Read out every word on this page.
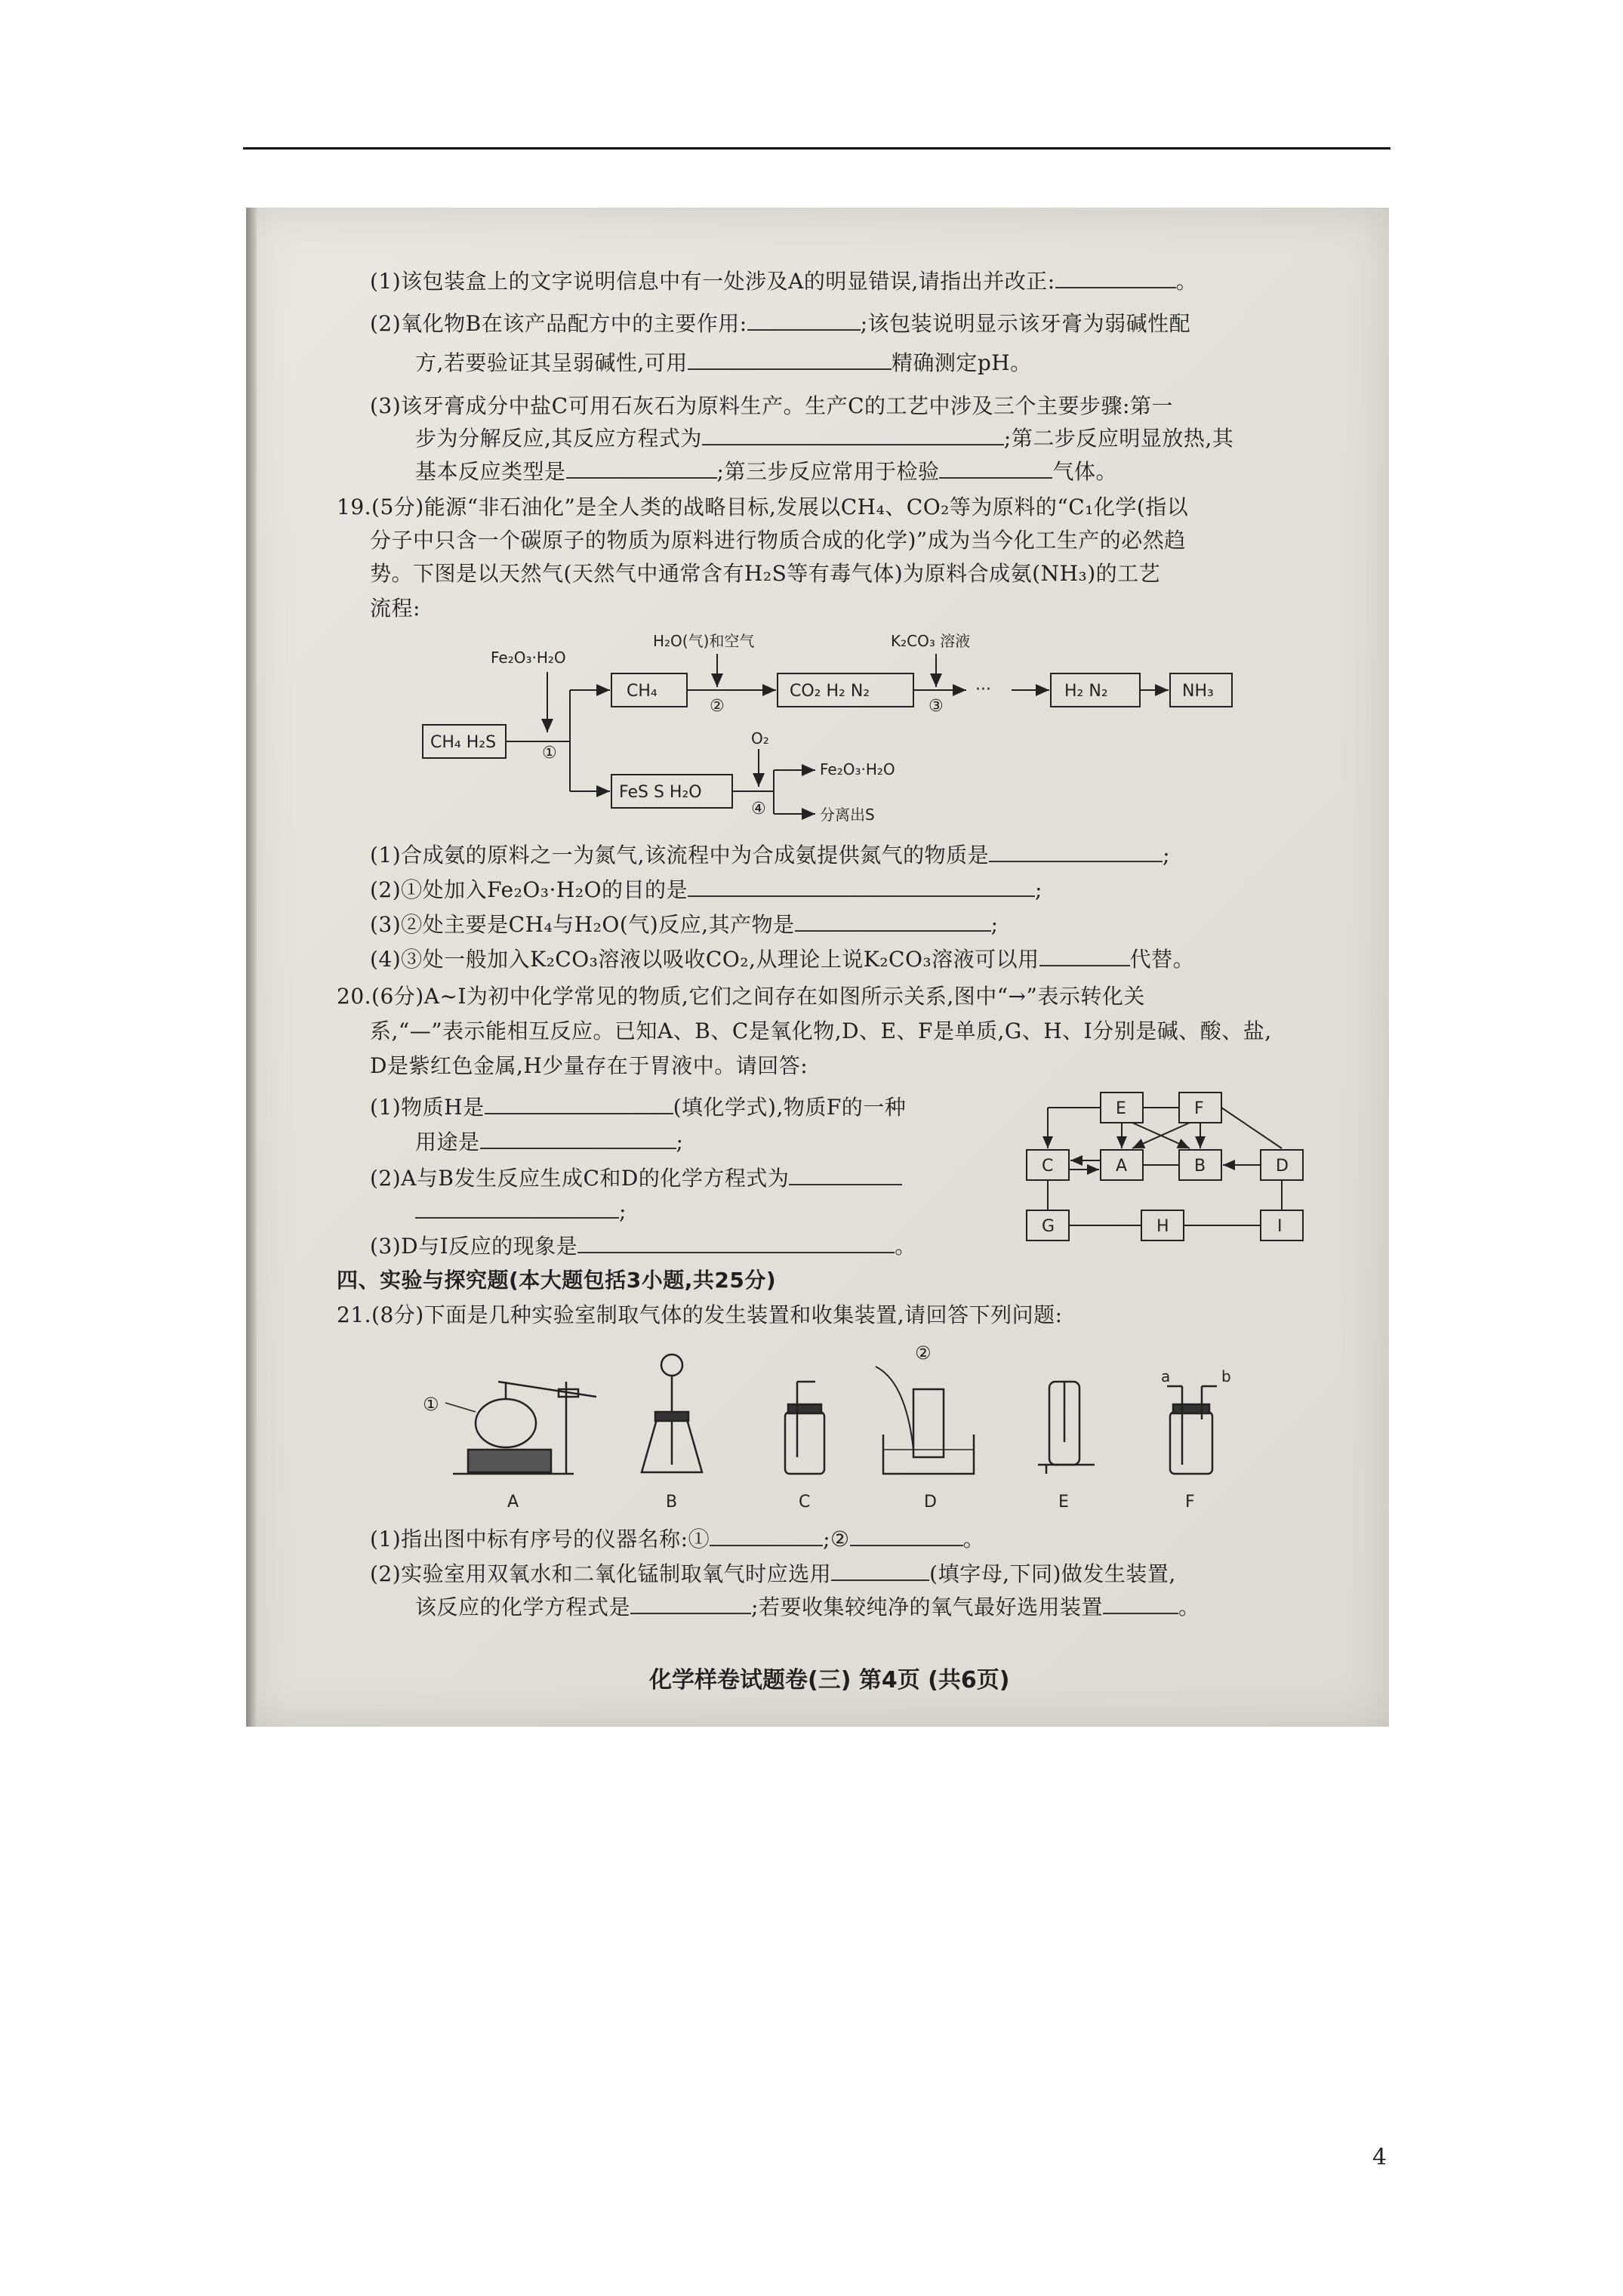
(1)该包装盒上的文字说明信息中有一处涉及A的明显错误,请指出并改正:	。
(2)氧化物B在该产品配方中的主要作用:	;该包装说明显示该牙膏为弱碱性配
方,若要验证其呈弱碱性,可用	精确测定pH。
(3)该牙膏成分中盐C可用石灰石为原料生产。生产C的工艺中涉及三个主要步骤:第一
步为分解反应,其反应方程式为	;第二步反应明显放热,其
基本反应类型是	;第三步反应常用于检验	气体。
19.(5分)能源“非石油化”是全人类的战略目标,发展以CH₄、CO₂等为原料的“C₁化学(指以
分子中只含一个碳原子的物质为原料进行物质合成的化学)”成为当今化工生产的必然趋
势。下图是以天然气(天然气中通常含有H₂S等有毒气体)为原料合成氨(NH₃)的工艺
流程:
CH₄ H₂S
Fe₂O₃·H₂O
①
CH₄
H₂O(气)和空气
②
CO₂ H₂ N₂
K₂CO₃ 溶液
③
···	H₂ N₂	NH₃
FeS S H₂O
O₂
④
Fe₂O₃·H₂O
分离出S
(1)合成氨的原料之一为氮气,该流程中为合成氨提供氮气的物质是	;
(2)①处加入Fe₂O₃·H₂O的目的是	;
(3)②处主要是CH₄与H₂O(气)反应,其产物是	;
(4)③处一般加入K₂CO₃溶液以吸收CO₂,从理论上说K₂CO₃溶液可以用	代替。
20.(6分)A~I为初中化学常见的物质,它们之间存在如图所示关系,图中“→”表示转化关
系,“—”表示能相互反应。已知A、B、C是氧化物,D、E、F是单质,G、H、I分别是碱、酸、盐,
D是紫红色金属,H少量存在于胃液中。请回答:
(1)物质H是	(填化学式),物质F的一种
用途是	;
(2)A与B发生反应生成C和D的化学方程式为
;
(3)D与I反应的现象是	。
E	F
C	A	B	D
G	H	I
四、实验与探究题(本大题包括3小题,共25分)
21.(8分)下面是几种实验室制取气体的发生装置和收集装置,请回答下列问题:
①
②
a	b
A	B	C	D	E	F
(1)指出图中标有序号的仪器名称:①	;②	。
(2)实验室用双氧水和二氧化锰制取氧气时应选用	(填字母,下同)做发生装置,
该反应的化学方程式是	;若要收集较纯净的氧气最好选用装置	。
化学样卷试题卷(三) 第4页 (共6页)
4
